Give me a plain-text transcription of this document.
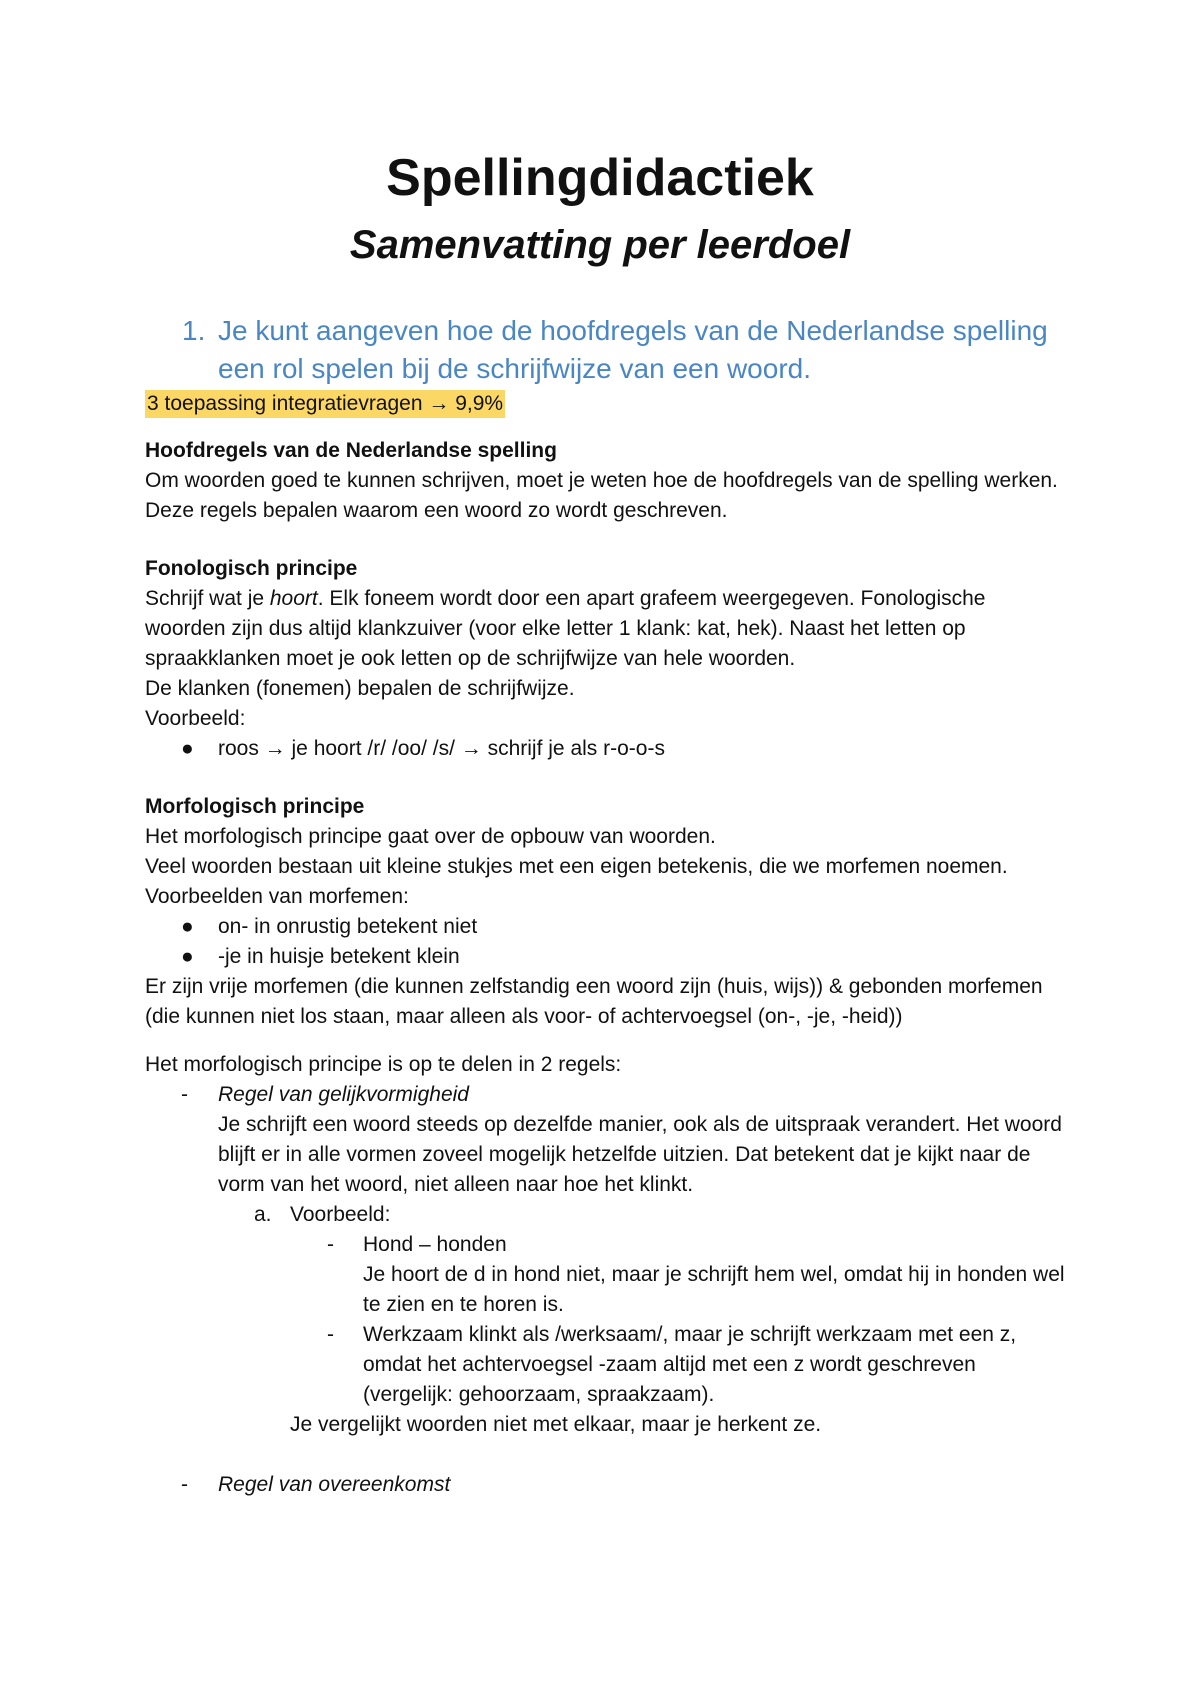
Spellingdidactiek
Samenvatting per leerdoel
1. Je kunt aangeven hoe de hoofdregels van de Nederlandse spelling een rol spelen bij de schrijfwijze van een woord.
3 toepassing integratievragen → 9,9%

Hoofdregels van de Nederlandse spelling

Om woorden goed te kunnen schrijven, moet je weten hoe de hoofdregels van de spelling werken. Deze regels bepalen waarom een woord zo wordt geschreven.

Fonologisch principe

Schrijf wat je hoort. Elk foneem wordt door een apart grafeem weergegeven. Fonologische woorden zijn dus altijd klankzuiver (voor elke letter 1 klank: kat, hek). Naast het letten op spraakklanken moet je ook letten op de schrijfwijze van hele woorden.

De klanken (fonemen) bepalen de schrijfwijze.

Voorbeeld:

● roos → je hoort /r/ /oo/ /s/ → schrijf je als r-o-o-s

Morfologisch principe

Het morfologisch principe gaat over de opbouw van woorden.

Veel woorden bestaan uit kleine stukjes met een eigen betekenis, die we morfemen noemen.

Voorbeelden van morfemen:

● on- in onrustig betekent niet
● -je in huisje betekent klein

Er zijn vrije morfemen (die kunnen zelfstandig een woord zijn (huis, wijs)) & gebonden morfemen (die kunnen niet los staan, maar alleen als voor- of achtervoegsel (on-, -je, -heid))

Het morfologisch principe is op te delen in 2 regels:

- Regel van gelijkvormigheid

Je schrijft een woord steeds op dezelfde manier, ook als de uitspraak verandert. Het woord blijft er in alle vormen zoveel mogelijk hetzelfde uitzien. Dat betekent dat je kijkt naar de vorm van het woord, niet alleen naar hoe het klinkt.

a. Voorbeeld:
- Hond – honden

Je hoort de d in hond niet, maar je schrijft hem wel, omdat hij in honden wel te zien en te horen is.

- Werkzaam klinkt als /werksaam/, maar je schrijft werkzaam met een z, omdat het achtervoegsel -zaam altijd met een z wordt geschreven (vergelijk: gehoorzaam, spraakzaam).

Je vergelijkt woorden niet met elkaar, maar je herkent ze.

- Regel van overeenkomst
